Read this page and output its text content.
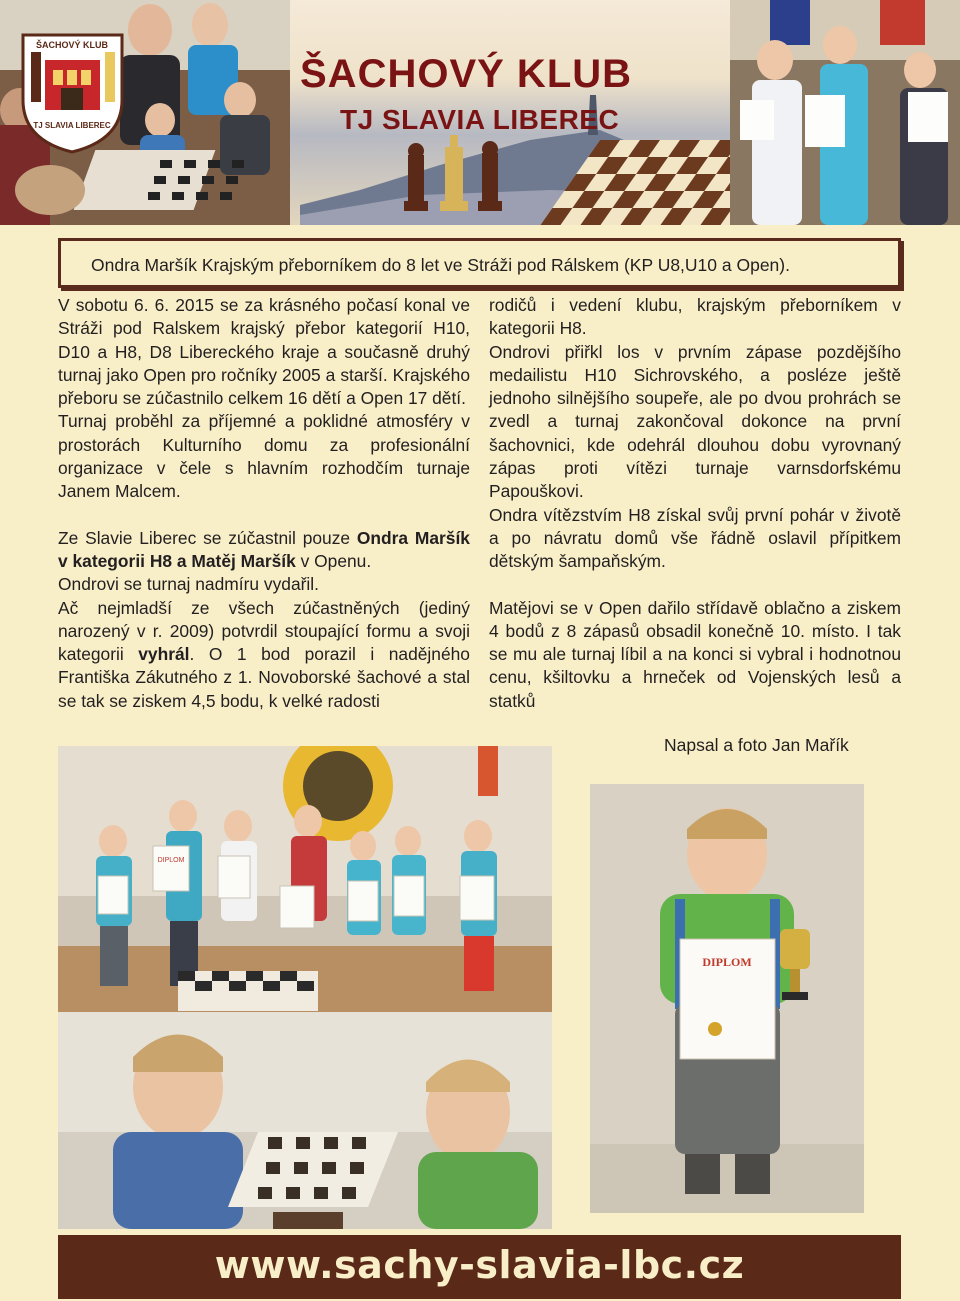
ŠACHOVÝ KLUB
TJ SLAVIA LIBEREC
ŠACHOVÝ KLUB
TJ SLAVIA LIBEREC
Ondra Maršík Krajským přeborníkem do 8 let ve Stráži pod Rálskem (KP U8,U10 a Open).

V sobotu 6. 6. 2015 se za krásného počasí konal ve Stráži pod Ralskem krajský přebor kategorií H10, D10 a H8, D8 Libereckého kraje a současně druhý turnaj jako Open pro ročníky 2005 a starší. Krajského přeboru se zúčastnilo celkem 16 dětí a Open 17 dětí.

Turnaj proběhl za příjemné a poklidné atmosféry v prostorách Kulturního domu za profesionální organizace v čele s hlavním rozhodčím turnaje Janem Malcem.

Ze Slavie Liberec se zúčastnil pouze Ondra Maršík v kategorii H8 a Matěj Maršík v Openu.

Ondrovi se turnaj nadmíru vydařil.

Ač nejmladší ze všech zúčastněných (jediný narozený v r. 2009) potvrdil stoupající formu a svoji kategorii vyhrál. O 1 bod porazil i nadějného Františka Zákutného z 1. Novoborské šachové a stal se tak se ziskem 4,5 bodu, k velké radosti

rodičů i vedení klubu, krajským přeborníkem v kategorii H8.

Ondrovi přiřkl los v prvním zápase pozdějšího medailistu H10 Sichrovského, a posléze ještě jednoho silnějšího soupeře, ale po dvou prohrách se zvedl a turnaj zakončoval dokonce na první šachovnici, kde odehrál dlouhou dobu vyrovnaný zápas proti vítězi turnaje varnsdorfskému Papouškovi.

Ondra vítězstvím H8 získal svůj první pohár v životě a po návratu domů vše řádně oslavil přípitkem dětským šampaňským.

Matějovi se v Open dařilo střídavě oblačno a ziskem 4 bodů z 8 zápasů obsadil konečně 10. místo. I tak se mu ale turnaj líbil a na konci si vybral i hodnotnou cenu, kšiltovku a hrneček od Vojenských lesů a statků

Napsal a foto Jan Mařík
DIPLOM
DIPLOM
www.sachy-slavia-lbc.cz
